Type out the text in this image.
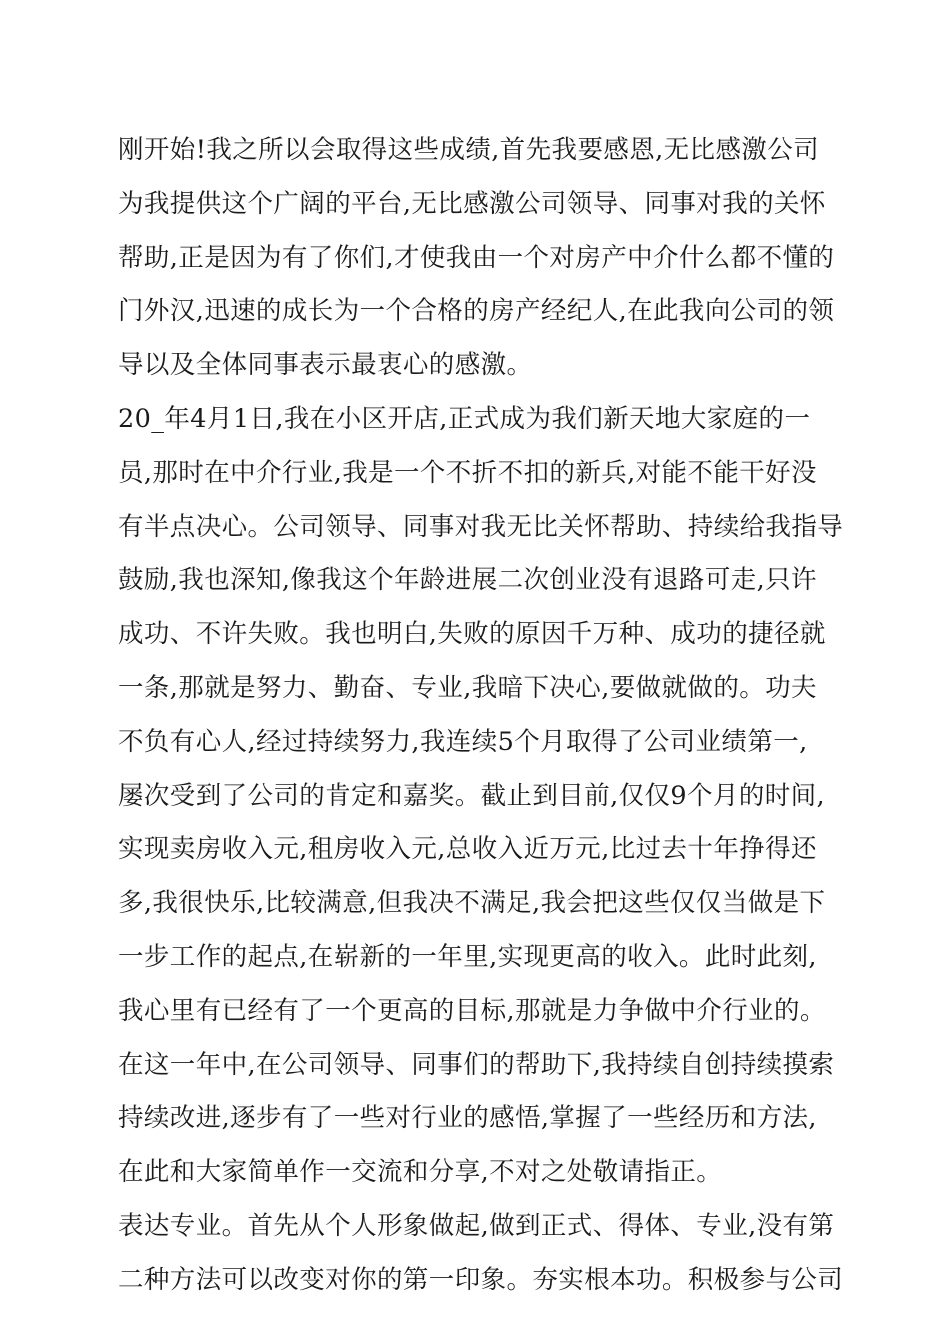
刚开始!我之所以会取得这些成绩,首先我要感恩,无比感激公司
为我提供这个广阔的平台,无比感激公司领导、同事对我的关怀
帮助,正是因为有了你们,才使我由一个对房产中介什么都不懂的
门外汉,迅速的成长为一个合格的房产经纪人,在此我向公司的领
导以及全体同事表示最衷心的感激。
20_年4月1日,我在小区开店,正式成为我们新天地大家庭的一
员,那时在中介行业,我是一个不折不扣的新兵,对能不能干好没
有半点决心。公司领导、同事对我无比关怀帮助、持续给我指导
鼓励,我也深知,像我这个年龄进展二次创业没有退路可走,只许
成功、不许失败。我也明白,失败的原因千万种、成功的捷径就
一条,那就是努力、勤奋、专业,我暗下决心,要做就做的。功夫
不负有心人,经过持续努力,我连续5个月取得了公司业绩第一,
屡次受到了公司的肯定和嘉奖。截止到目前,仅仅9个月的时间,
实现卖房收入元,租房收入元,总收入近万元,比过去十年挣得还
多,我很快乐,比较满意,但我决不满足,我会把这些仅仅当做是下
一步工作的起点,在崭新的一年里,实现更高的收入。此时此刻,
我心里有已经有了一个更高的目标,那就是力争做中介行业的。
在这一年中,在公司领导、同事们的帮助下,我持续自创持续摸索
持续改进,逐步有了一些对行业的感悟,掌握了一些经历和方法,
在此和大家简单作一交流和分享,不对之处敬请指正。
表达专业。首先从个人形象做起,做到正式、得体、专业,没有第
二种方法可以改变对你的第一印象。夯实根本功。积极参与公司
